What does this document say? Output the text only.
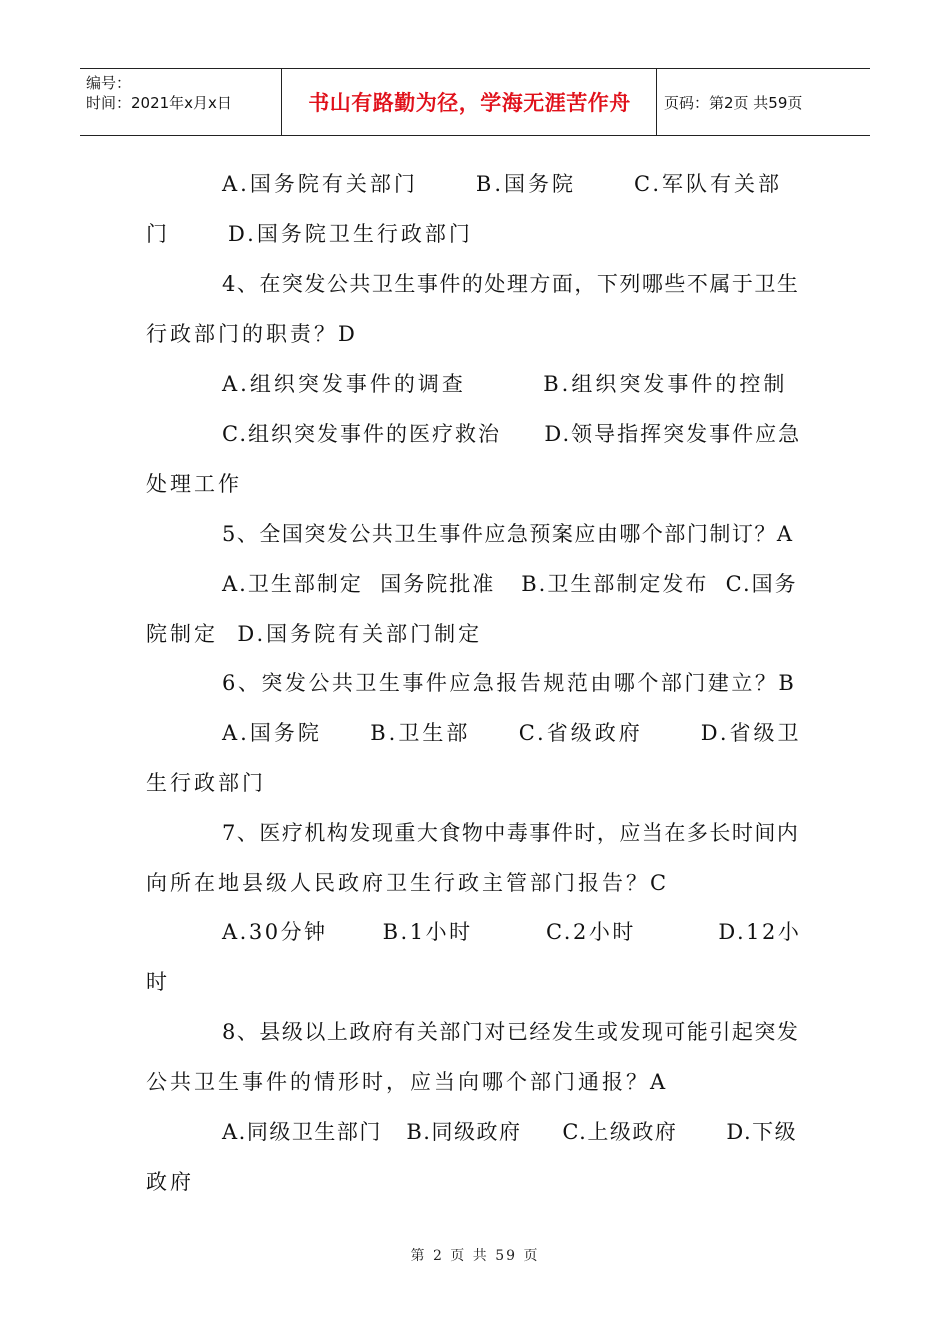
编号：
时间：2021年x月x日	书山有路勤为径，学海无涯苦作舟	页码：第2页 共59页
A.国务院有关部门      B.国务院      C.军队有关部
门      D.国务院卫生行政部门
4、在突发公共卫生事件的处理方面，下列哪些不属于卫生
行政部门的职责？D
A.组织突发事件的调查        B.组织突发事件的控制
C.组织突发事件的医疗救治     D.领导指挥突发事件应急
处理工作
5、全国突发公共卫生事件应急预案应由哪个部门制订？A
A.卫生部制定  国务院批准   B.卫生部制定发布  C.国务
院制定  D.国务院有关部门制定
6、突发公共卫生事件应急报告规范由哪个部门建立？B
A.国务院     B.卫生部     C.省级政府      D.省级卫
生行政部门
7、医疗机构发现重大食物中毒事件时，应当在多长时间内
向所在地县级人民政府卫生行政主管部门报告？C
A.30分钟      B.1小时        C.2小时         D.12小
时
8、县级以上政府有关部门对已经发生或发现可能引起突发
公共卫生事件的情形时，应当向哪个部门通报？A
A.同级卫生部门   B.同级政府     C.上级政府      D.下级
政府
第 2 页 共 59 页
